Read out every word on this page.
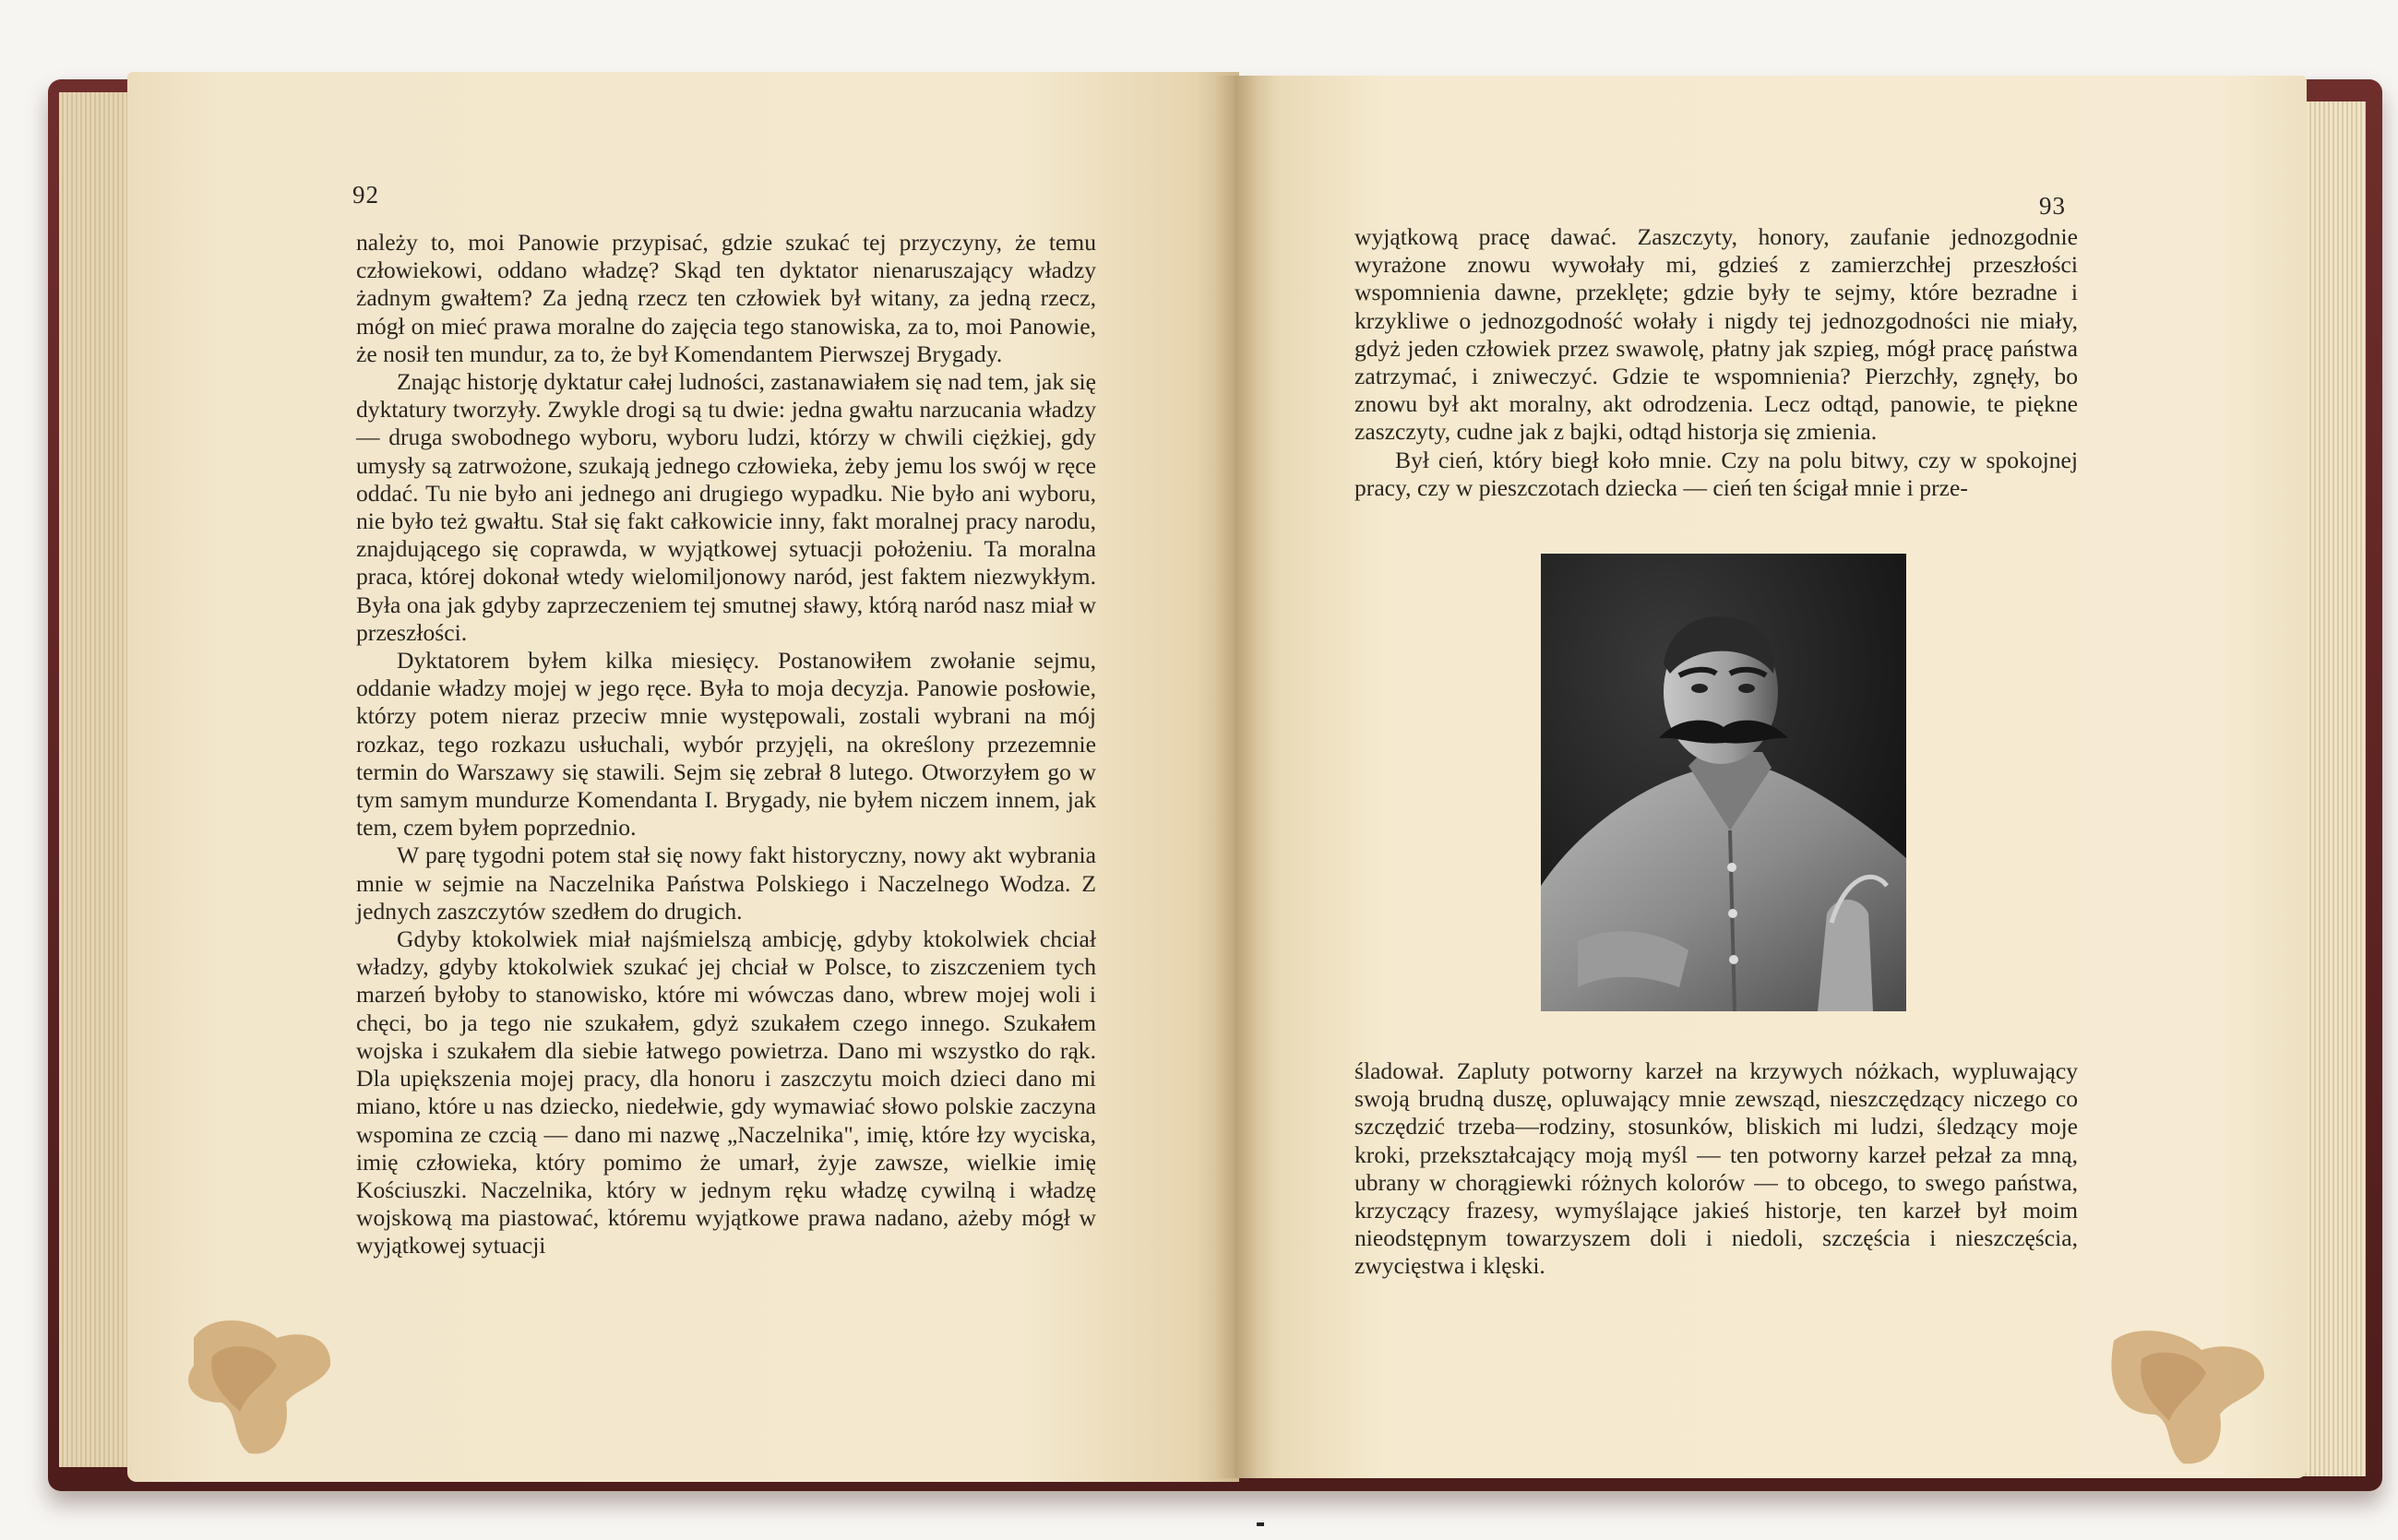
92

należy to, moi Panowie przypisać, gdzie szukać tej przyczyny, że temu człowiekowi, oddano władzę? Skąd ten dyktator nienaruszający władzy żadnym gwałtem? Za jedną rzecz ten człowiek był witany, za jedną rzecz, mógł on mieć prawa moralne do zajęcia tego stanowiska, za to, moi Panowie, że nosił ten mundur, za to, że był Komendantem Pierwszej Brygady.

Znając historję dyktatur całej ludności, zastanawiałem się nad tem, jak się dyktatury tworzyły. Zwykle drogi są tu dwie: jedna gwałtu narzucania władzy — druga swobodnego wyboru, wyboru ludzi, którzy w chwili ciężkiej, gdy umysły są zatrwożone, szukają jednego człowieka, żeby jemu los swój w ręce oddać. Tu nie było ani jednego ani drugiego wypadku. Nie było ani wyboru, nie było też gwałtu. Stał się fakt całkowicie inny, fakt moralnej pracy narodu, znajdującego się coprawda, w wyjątkowej sytuacji położeniu. Ta moralna praca, której dokonał wtedy wielomiljonowy naród, jest faktem niezwykłym. Była ona jak gdyby zaprzeczeniem tej smutnej sławy, którą naród nasz miał w przeszłości.

Dyktatorem byłem kilka miesięcy. Postanowiłem zwołanie sejmu, oddanie władzy mojej w jego ręce. Była to moja decyzja. Panowie posłowie, którzy potem nieraz przeciw mnie występowali, zostali wybrani na mój rozkaz, tego rozkazu usłuchali, wybór przyjęli, na określony przezemnie termin do Warszawy się stawili. Sejm się zebrał 8 lutego. Otworzyłem go w tym samym mundurze Komendanta I. Brygady, nie byłem niczem innem, jak tem, czem byłem poprzednio.

W parę tygodni potem stał się nowy fakt historyczny, nowy akt wybrania mnie w sejmie na Naczelnika Państwa Polskiego i Naczelnego Wodza. Z jednych zaszczytów szedłem do drugich.

Gdyby ktokolwiek miał najśmielszą ambicję, gdyby ktokolwiek chciał władzy, gdyby ktokolwiek szukać jej chciał w Polsce, to ziszczeniem tych marzeń byłoby to stanowisko, które mi wówczas dano, wbrew mojej woli i chęci, bo ja tego nie szukałem, gdyż szukałem czego innego. Szukałem wojska i szukałem dla siebie łatwego powietrza. Dano mi wszystko do rąk. Dla upiększenia mojej pracy, dla honoru i zaszczytu moich dzieci dano mi miano, które u nas dziecko, niedełwie, gdy wymawiać słowo polskie zaczyna wspomina ze czcią — dano mi nazwę „Naczelnika", imię, które łzy wyciska, imię człowieka, który pomimo że umarł, żyje zawsze, wielkie imię Kościuszki. Naczelnika, który w jednym ręku władzę cywilną i władzę wojskową ma piastować, któremu wyjątkowe prawa nadano, ażeby mógł w wyjątkowej sytuacji

93

wyjątkową pracę dawać. Zaszczyty, honory, zaufanie jednozgodnie wyrażone znowu wywołały mi, gdzieś z zamierzchłej przeszłości wspomnienia dawne, przeklęte; gdzie były te sejmy, które bezradne i krzykliwe o jednozgodność wołały i nigdy tej jednozgodności nie miały, gdyż jeden człowiek przez swawolę, płatny jak szpieg, mógł pracę państwa zatrzymać, i zniweczyć. Gdzie te wspomnienia? Pierzchły, zgnęły, bo znowu był akt moralny, akt odrodzenia. Lecz odtąd, panowie, te piękne zaszczyty, cudne jak z bajki, odtąd historja się zmienia.

Był cień, który biegł koło mnie. Czy na polu bitwy, czy w spokojnej pracy, czy w pieszczotach dziecka — cień ten ścigał mnie i prze-

śladował. Zapluty potworny karzeł na krzywych nóżkach, wypluwający swoją brudną duszę, opluwający mnie zewsząd, nieszczędzący niczego co szczędzić trzeba—rodziny, stosunków, bliskich mi ludzi, śledzący moje kroki, przekształcający moją myśl — ten potworny karzeł pełzał za mną, ubrany w chorągiewki różnych kolorów — to obcego, to swego państwa, krzyczący frazesy, wymyślające jakieś historje, ten karzeł był moim nieodstępnym towarzyszem doli i niedoli, szczęścia i nieszczęścia, zwycięstwa i klęski.
